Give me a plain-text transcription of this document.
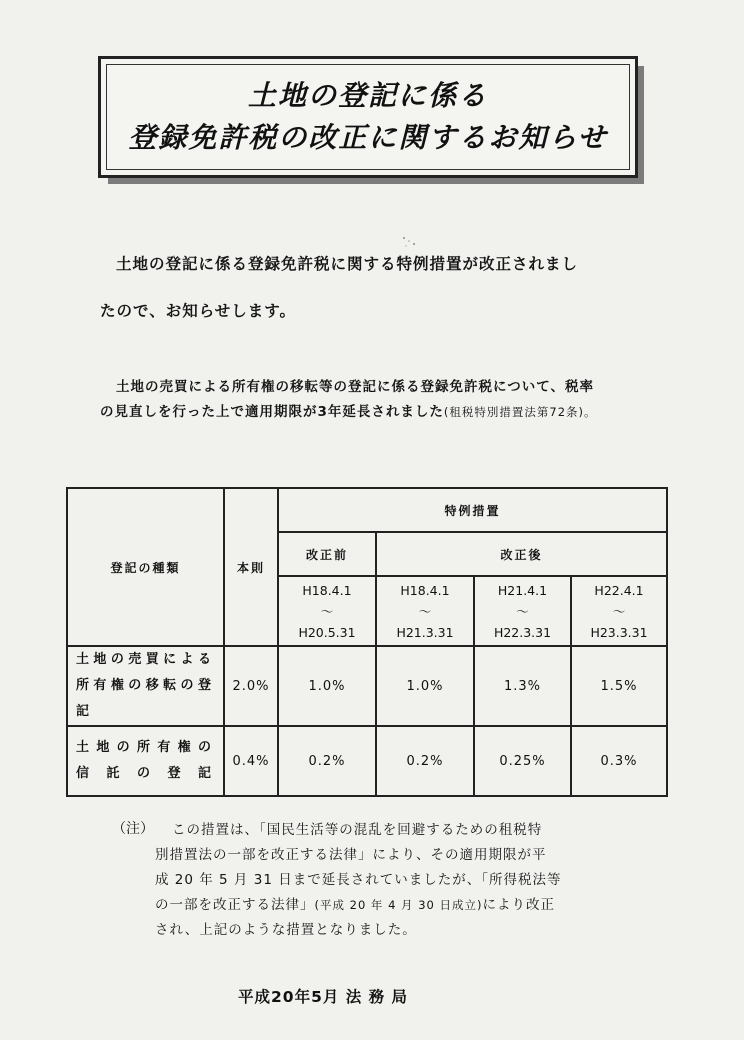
土地の登記に係る
登録免許税の改正に関するお知らせ
土地の登記に係る登録免許税に関する特例措置が改正されまし
たので、お知らせします。
土地の売買による所有権の移転等の登記に係る登録免許税について、税率
の見直しを行った上で適用期限が3年延長されました(租税特別措置法第72条)。
登記の種類	本則	特例措置			
		改正前	改正後		

		H18.4.1
～
H20.5.31	H18.4.1
～
H21.3.31	H21.4.1
～
H22.3.31	H22.4.1
～
H23.3.31

土地の売買による
所有権の移転の登記	2.0%	1.0%	1.0%	1.3%	1.5%

土地の所有権の
信託の登記	0.4%	0.2%	0.2%	0.25%	0.3%
（注） この措置は、「国民生活等の混乱を回避するための租税特
別措置法の一部を改正する法律」により、その適用期限が平
成 20 年 5 月 31 日まで延長されていましたが、「所得税法等
の一部を改正する法律」(平成 20 年 4 月 30 日成立)により改正
され、上記のような措置となりました。
平成20年5月 法 務 局
